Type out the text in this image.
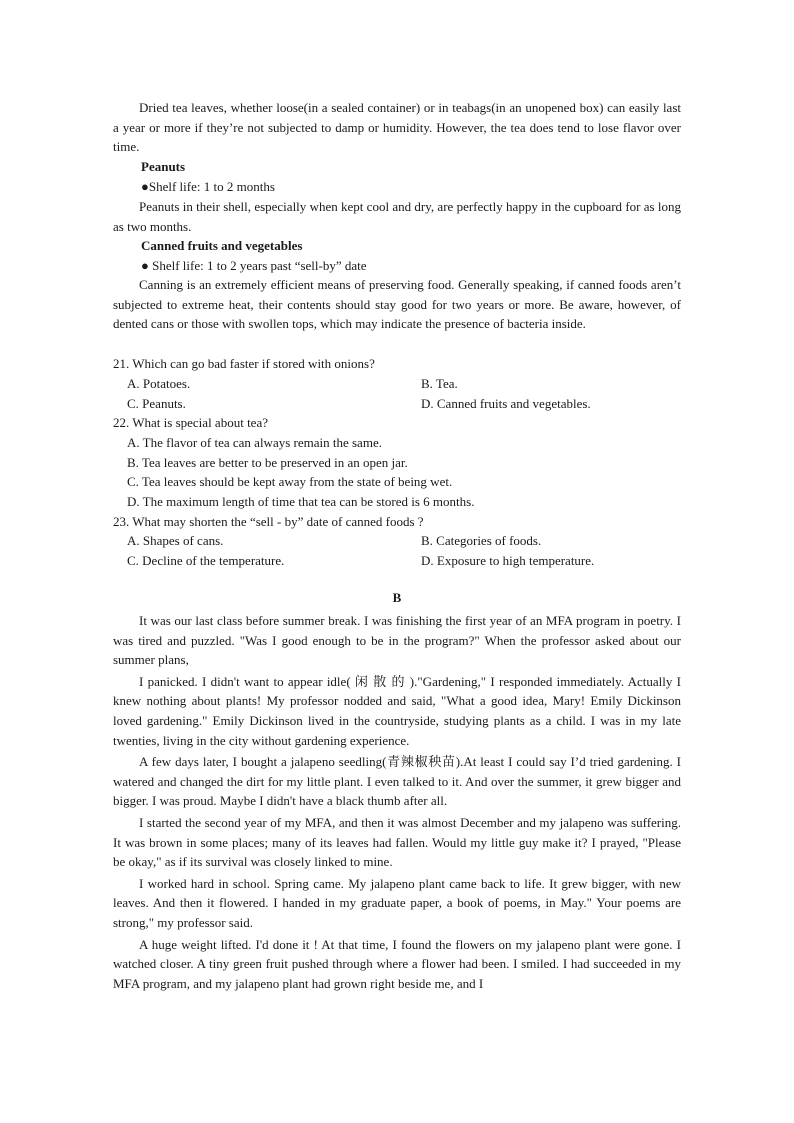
Dried tea leaves, whether loose(in a sealed container) or in teabags(in an unopened box) can easily last a year or more if they’re not subjected to damp or humidity. However, the tea does tend to lose flavor over time.

Peanuts
●Shelf life: 1 to 2 months

Peanuts in their shell, especially when kept cool and dry, are perfectly happy in the cupboard for as long as two months.

Canned fruits and vegetables
● Shelf life: 1 to 2 years past “sell-by” date

Canning is an extremely efficient means of preserving food. Generally speaking, if canned foods aren’t subjected to extreme heat, their contents should stay good for two years or more. Be aware, however, of dented cans or those with swollen tops, which may indicate the presence of bacteria inside.

21. Which can go bad faster if stored with onions?
A. Potatoes.	B. Tea.
C. Peanuts.	D. Canned fruits and vegetables.
22. What is special about tea?
A. The flavor of tea can always remain the same.
B. Tea leaves are better to be preserved in an open jar.
C. Tea leaves should be kept away from the state of being wet.
D. The maximum length of time that tea can be stored is 6 months.
23. What may shorten the “sell - by” date of canned foods ?
A. Shapes of cans.	B. Categories of foods.
C. Decline of the temperature.	D. Exposure to high temperature.
B

It was our last class before summer break. I was finishing the first year of an MFA program in poetry. I was tired and puzzled. "Was I good enough to be in the program?" When the professor asked about our summer plans,

I panicked. I didn't want to appear idle( 闲 散 的 )."Gardening," I responded immediately. Actually I knew nothing about plants! My professor nodded and said, "What a good idea, Mary! Emily Dickinson loved gardening." Emily Dickinson lived in the countryside, studying plants as a child. I was in my late twenties, living in the city without gardening experience.

A few days later, I bought a jalapeno seedling(青辣椒秧苗).At least I could say I’d tried gardening. I watered and changed the dirt for my little plant. I even talked to it. And over the summer, it grew bigger and bigger. I was proud. Maybe I didn't have a black thumb after all.

I started the second year of my MFA, and then it was almost December and my jalapeno was suffering. It was brown in some places; many of its leaves had fallen. Would my little guy make it? I prayed, "Please be okay," as if its survival was closely linked to mine.

I worked hard in school. Spring came. My jalapeno plant came back to life. It grew bigger, with new leaves. And then it flowered. I handed in my graduate paper, a book of poems, in May." Your poems are strong," my professor said.

A huge weight lifted. I'd done it ! At that time, I found the flowers on my jalapeno plant were gone. I watched closer. A tiny green fruit pushed through where a flower had been. I smiled. I had succeeded in my MFA program, and my jalapeno plant had grown right beside me, and I
